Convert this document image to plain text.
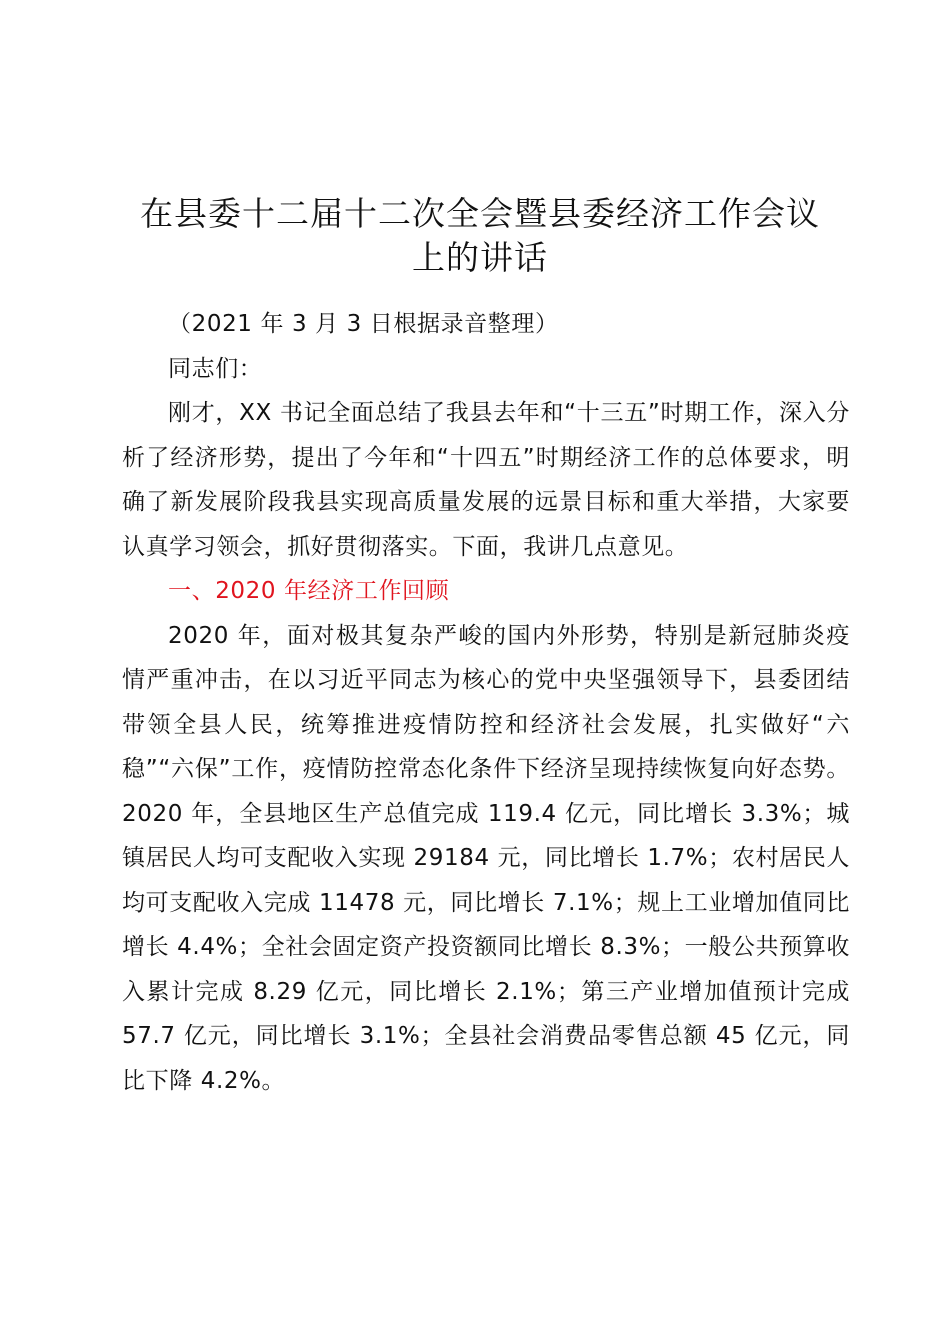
在县委十二届十二次全会暨县委经济工作会议
上的讲话

（2021 年 3 月 3 日根据录音整理）

同志们：

刚才，XX 书记全面总结了我县去年和“十三五”时期工作，深入分析了经济形势，提出了今年和“十四五”时期经济工作的总体要求，明确了新发展阶段我县实现高质量发展的远景目标和重大举措，大家要认真学习领会，抓好贯彻落实。下面，我讲几点意见。

一、2020 年经济工作回顾

2020 年，面对极其复杂严峻的国内外形势，特别是新冠肺炎疫情严重冲击，在以习近平同志为核心的党中央坚强领导下，县委团结带领全县人民，统筹推进疫情防控和经济社会发展，扎实做好“六稳”“六保”工作，疫情防控常态化条件下经济呈现持续恢复向好态势。2020 年，全县地区生产总值完成 119.4 亿元，同比增长 3.3%；城镇居民人均可支配收入实现 29184 元，同比增长 1.7%；农村居民人均可支配收入完成 11478 元，同比增长 7.1%；规上工业增加值同比增长 4.4%；全社会固定资产投资额同比增长 8.3%；一般公共预算收入累计完成 8.29 亿元，同比增长 2.1%；第三产业增加值预计完成 57.7 亿元，同比增长 3.1%；全县社会消费品零售总额 45 亿元，同比下降 4.2%。
